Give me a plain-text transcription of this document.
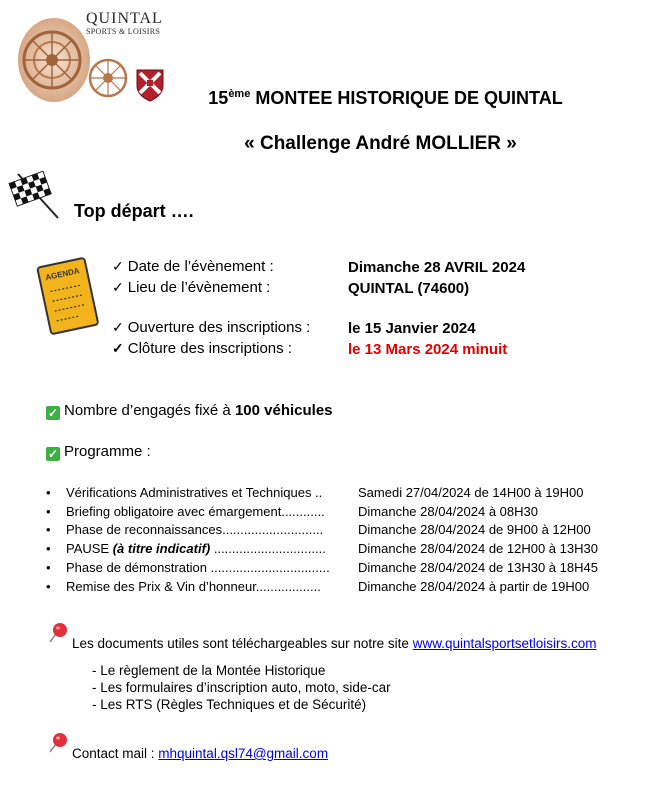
QUINTAL
SPORTS & LOISIRS
15ème MONTEE HISTORIQUE DE QUINTAL
« Challenge André MOLLIER »
Top départ ….
AGENDA
✓ Date de l’évènement :	Dimanche 28 AVRIL 2024
✓ Lieu de l’évènement :	QUINTAL (74600)
✓ Ouverture des inscriptions :	le 15 Janvier 2024
✓ Clôture des inscriptions :	le 13 Mars 2024 minuit
✓ Nombre d’engagés fixé à 100 véhicules
✓ Programme :
• Vérifications Administratives et Techniques ..	Samedi 27/04/2024 de 14H00 à 19H00
• Briefing obligatoire avec émargement............	Dimanche 28/04/2024 à 08H30
• Phase de reconnaissances............................	Dimanche 28/04/2024 de 9H00 à 12H00
• PAUSE (à titre indicatif) ............................... Dimanche 28/04/2024 de 12H00 à 13H30
• Phase de démonstration ................................. Dimanche 28/04/2024 de 13H30 à 18H45
• Remise des Prix & Vin d’honneur..................	Dimanche 28/04/2024 à partir de 19H00
Les documents utiles sont téléchargeables sur notre site www.quintalsportsetloisirs.com
- Le règlement de la Montée Historique
- Les formulaires d’inscription auto, moto, side-car
- Les RTS (Règles Techniques et de Sécurité)
Contact mail : mhquintal.qsl74@gmail.com
